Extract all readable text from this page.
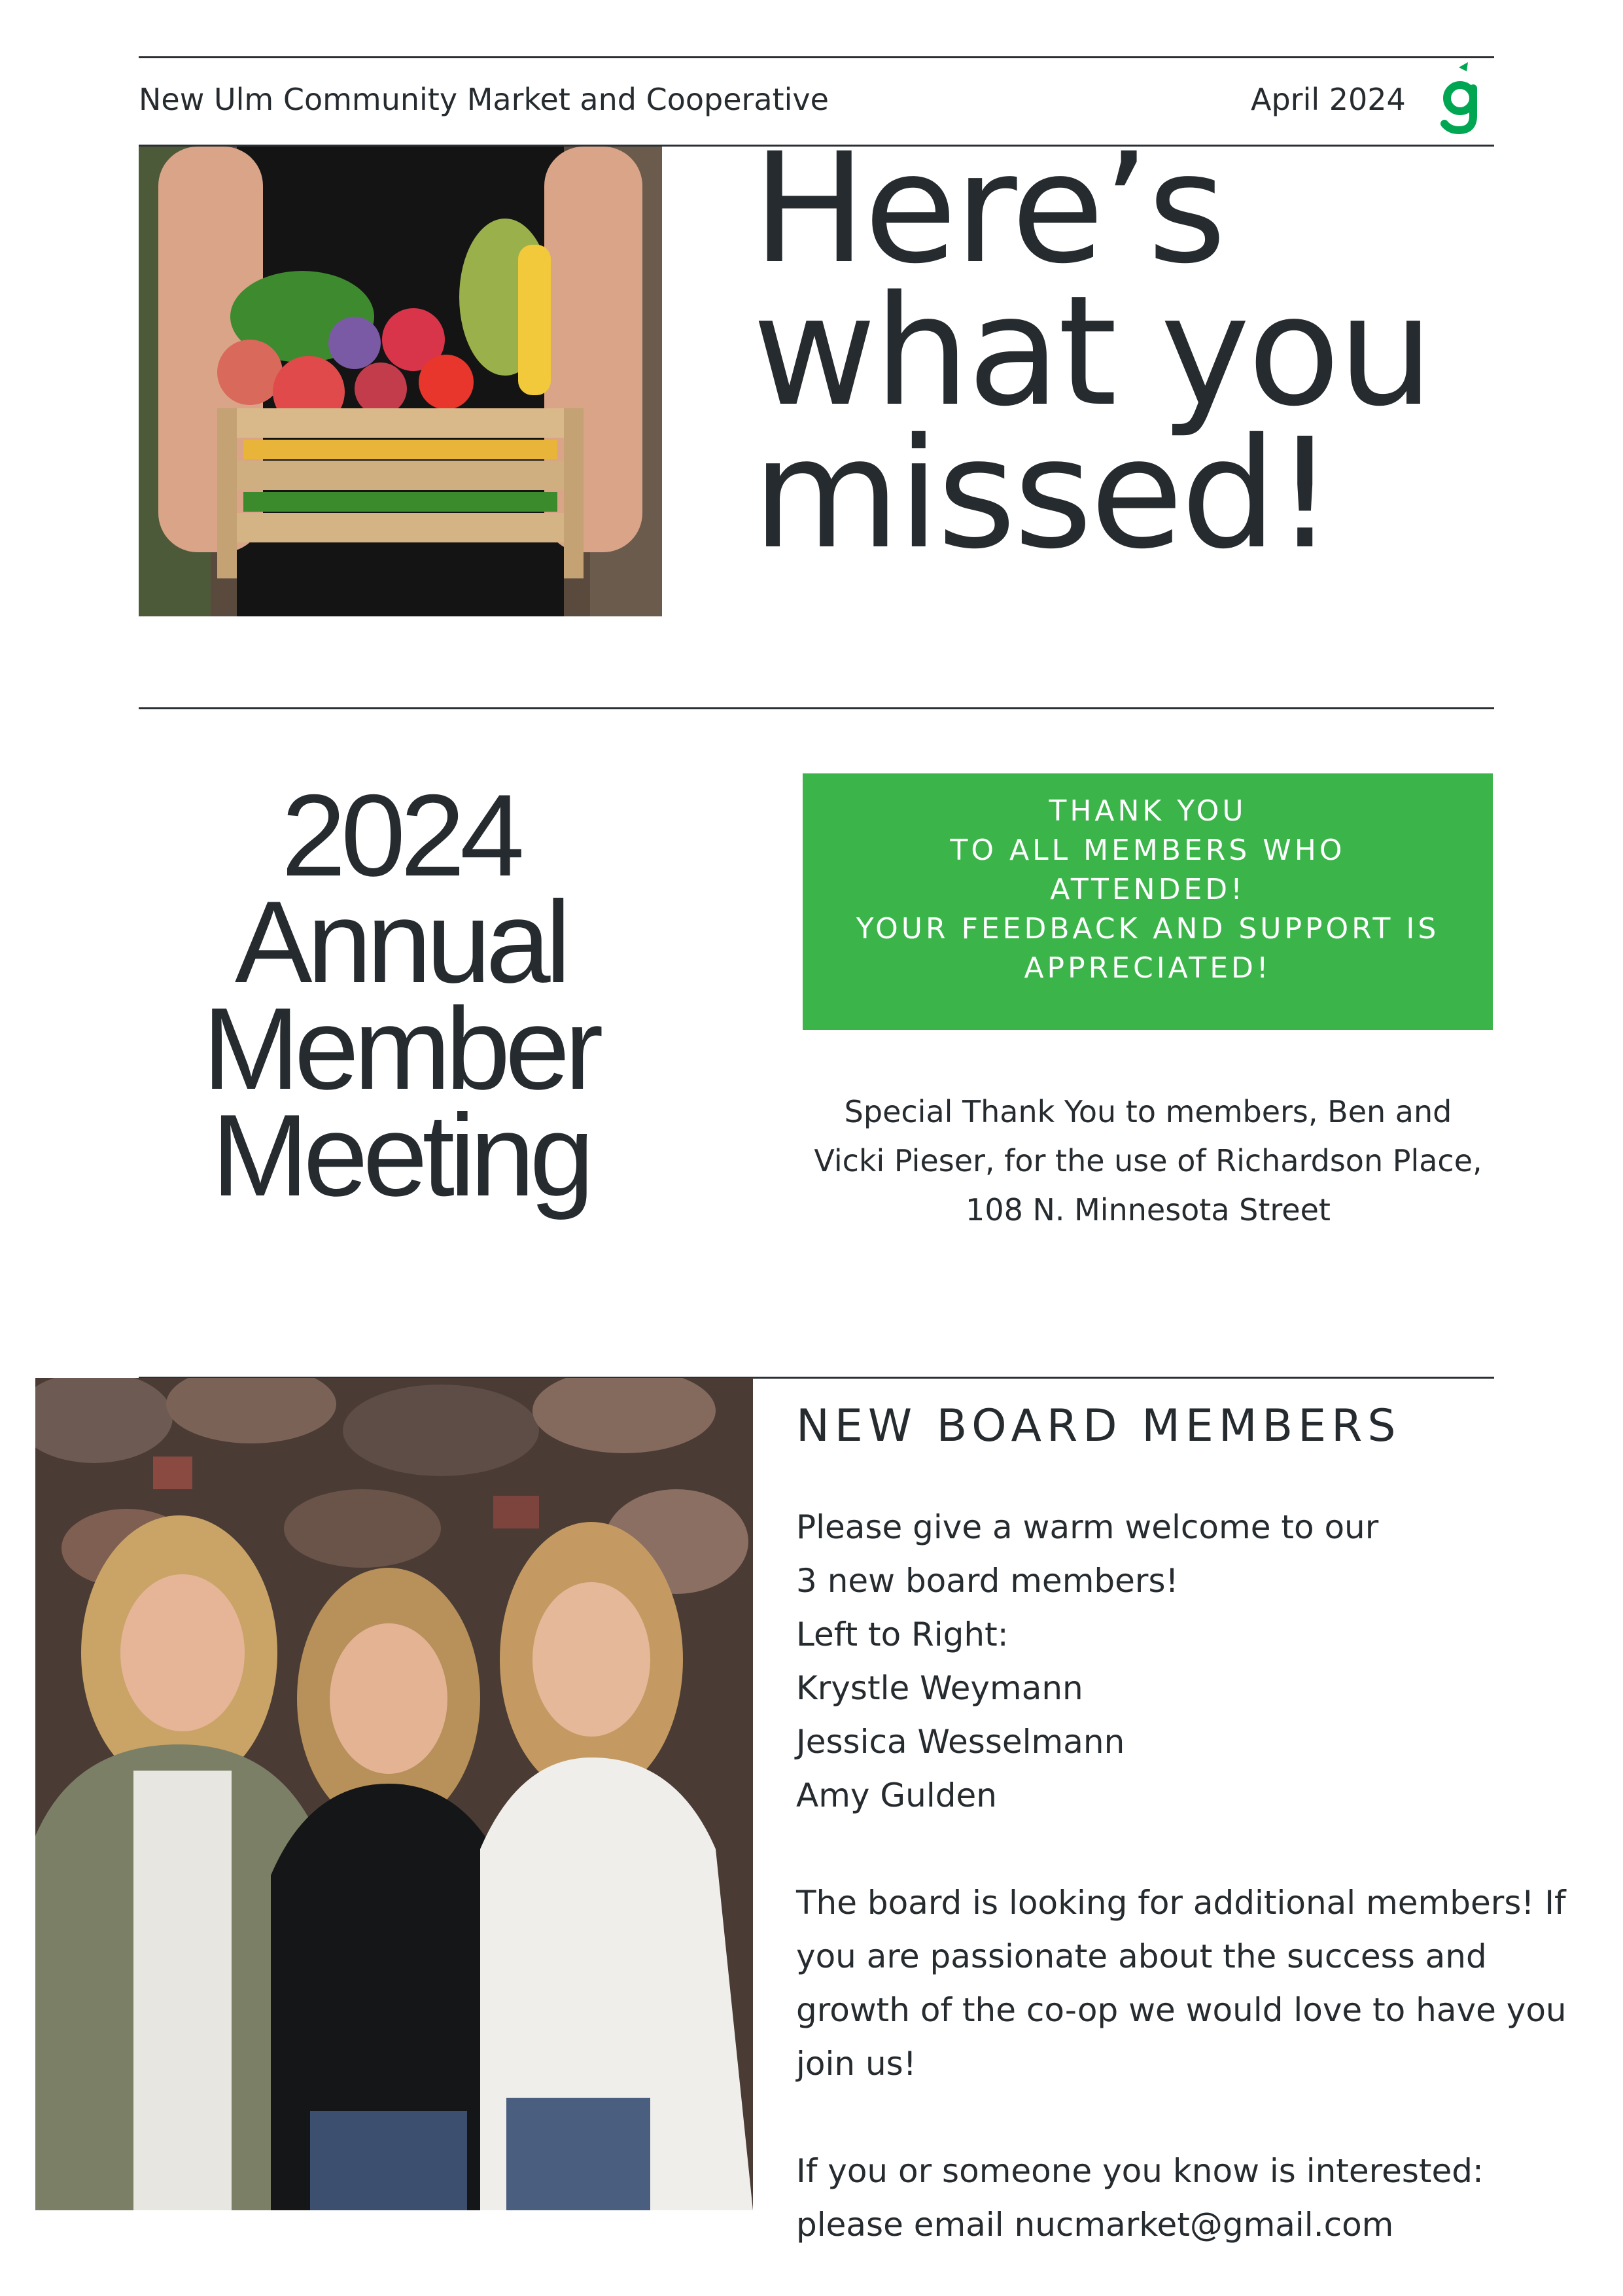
New Ulm Community Market and Cooperative	April 2024
Here’s
what you
missed!
2024
Annual
Member
Meeting
THANK YOU
TO ALL MEMBERS WHO
ATTENDED!
YOUR FEEDBACK AND SUPPORT IS
APPRECIATED!
Special Thank You to members, Ben and
Vicki Pieser, for the use of Richardson Place,
108 N. Minnesota Street
NEW BOARD MEMBERS
Please give a warm welcome to our
3 new board members!
Left to Right:
Krystle Weymann
Jessica Wesselmann
Amy Gulden
The board is looking for additional members! If
you are passionate about the success and
growth of the co-op we would love to have you
join us!
If you or someone you know is interested:
please email nucmarket@gmail.com
